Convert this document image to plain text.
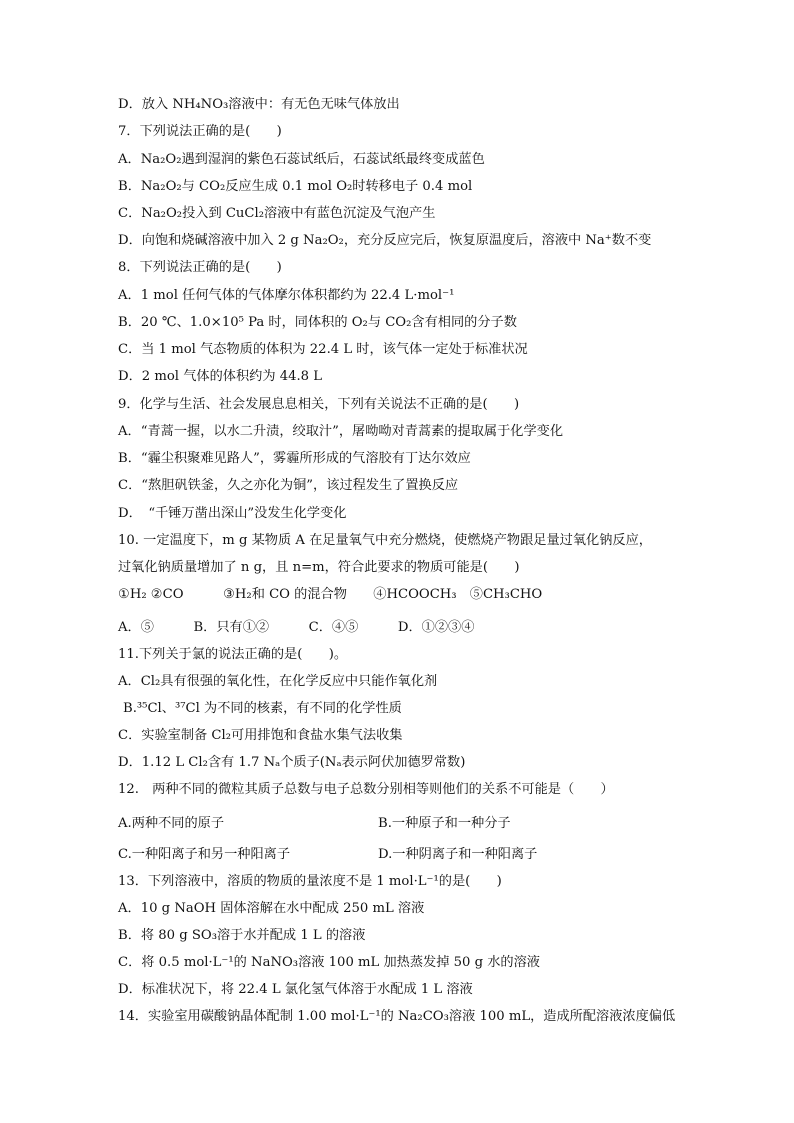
D．放入 NH₄NO₃溶液中：有无色无味气体放出
7．下列说法正确的是(　　)
A．Na₂O₂遇到湿润的紫色石蕊试纸后，石蕊试纸最终变成蓝色
B．Na₂O₂与 CO₂反应生成 0.1 mol O₂时转移电子 0.4 mol
C．Na₂O₂投入到 CuCl₂溶液中有蓝色沉淀及气泡产生
D．向饱和烧碱溶液中加入 2 g Na₂O₂，充分反应完后，恢复原温度后，溶液中 Na⁺数不变
8．下列说法正确的是(　　)
A．1 mol 任何气体的气体摩尔体积都约为 22.4 L·mol⁻¹
B．20 ℃、1.0×10⁵ Pa 时，同体积的 O₂与 CO₂含有相同的分子数
C．当 1 mol 气态物质的体积为 22.4 L 时，该气体一定处于标准状况
D．2 mol 气体的体积约为 44.8 L
9．化学与生活、社会发展息息相关，下列有关说法不正确的是(　　)
A．“青蒿一握，以水二升渍，绞取汁”，屠呦呦对青蒿素的提取属于化学变化
B．“霾尘积聚难见路人”，雾霾所形成的气溶胶有丁达尔效应
C．“熬胆矾铁釜，久之亦化为铜”，该过程发生了置换反应
D．　“千锤万凿出深山”没发生化学变化
10. 一定温度下，m g 某物质 A 在足量氧气中充分燃烧，使燃烧产物跟足量过氧化钠反应，
过氧化钠质量增加了 n g，且 n=m，符合此要求的物质可能是(　　)
①H₂ ②CO　　　③H₂和 CO 的混合物　　④HCOOCH₃　⑤CH₃CHO
A．⑤　　　B．只有①②　　　C．④⑤　　　D．①②③④
11.下列关于氯的说法正确的是(　　)。
A．Cl₂具有很强的氧化性，在化学反应中只能作氧化剂
B.³⁵Cl、³⁷Cl 为不同的核素，有不同的化学性质
C．实验室制备 Cl₂可用排饱和食盐水集气法收集
D．1.12 L Cl₂含有 1.7 Nₐ个质子(Nₐ表示阿伏加德罗常数)
12.　两种不同的微粒其质子总数与电子总数分别相等则他们的关系不可能是（　　）
A.两种不同的原子	B.一种原子和一种分子
C.一种阳离子和另一种阳离子	D.一种阴离子和一种阳离子
13．下列溶液中，溶质的物质的量浓度不是 1 mol·L⁻¹的是(　　)
A．10 g NaOH 固体溶解在水中配成 250 mL 溶液
B．将 80 g SO₃溶于水并配成 1 L 的溶液
C．将 0.5 mol·L⁻¹的 NaNO₃溶液 100 mL 加热蒸发掉 50 g 水的溶液
D．标准状况下，将 22.4 L 氯化氢气体溶于水配成 1 L 溶液
14．实验室用碳酸钠晶体配制 1.00 mol·L⁻¹的 Na₂CO₃溶液 100 mL，造成所配溶液浓度偏低
